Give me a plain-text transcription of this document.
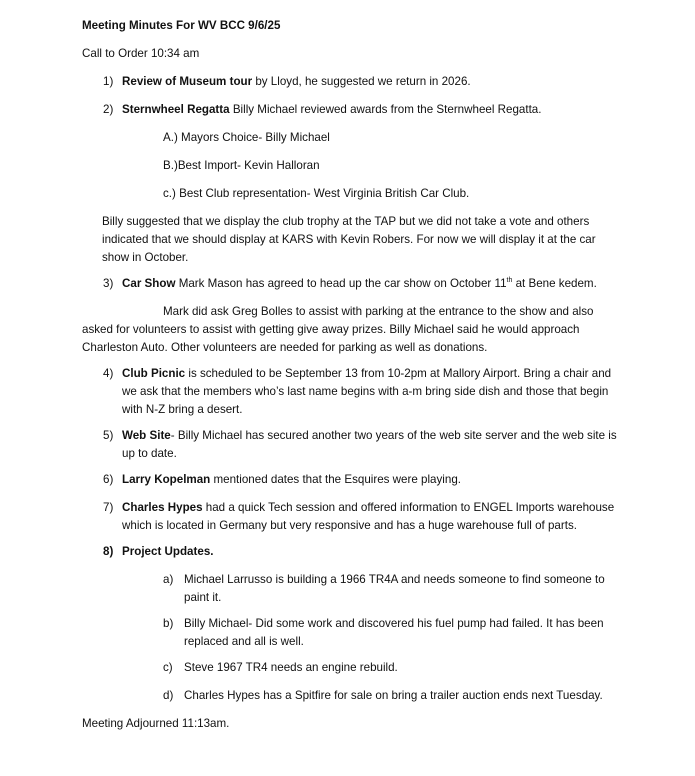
Meeting Minutes For WV BCC 9/6/25
Call to Order 10:34 am
1) Review of Museum tour by Lloyd, he suggested we return in 2026.
2) Sternwheel Regatta Billy Michael reviewed awards from the Sternwheel Regatta.
A.) Mayors Choice- Billy Michael
B.)Best Import- Kevin Halloran
c.) Best Club representation- West Virginia British Car Club.
Billy suggested that we display the club trophy at the TAP but we did not take a vote and others
indicated that we should display at KARS with Kevin Robers. For now we will display it at the car
show in October.
3) Car Show Mark Mason has agreed to head up the car show on October 11th at Bene kedem.
Mark did ask Greg Bolles to assist with parking at the entrance to the show and also
asked for volunteers to assist with getting give away prizes. Billy Michael said he would approach
Charleston Auto. Other volunteers are needed for parking as well as donations.
4) Club Picnic is scheduled to be September 13 from 10-2pm at Mallory Airport. Bring a chair and
we ask that the members who’s last name begins with a-m bring side dish and those that begin
with N-Z bring a desert.
5) Web Site- Billy Michael has secured another two years of the web site server and the web site is
up to date.
6) Larry Kopelman mentioned dates that the Esquires were playing.
7) Charles Hypes had a quick Tech session and offered information to ENGEL Imports warehouse
which is located in Germany but very responsive and has a huge warehouse full of parts.
8) Project Updates.
a) Michael Larrusso is building a 1966 TR4A and needs someone to find someone to
paint it.
b) Billy Michael- Did some work and discovered his fuel pump had failed. It has been
replaced and all is well.
c) Steve 1967 TR4 needs an engine rebuild.
d) Charles Hypes has a Spitfire for sale on bring a trailer auction ends next Tuesday.
Meeting Adjourned 11:13am.
